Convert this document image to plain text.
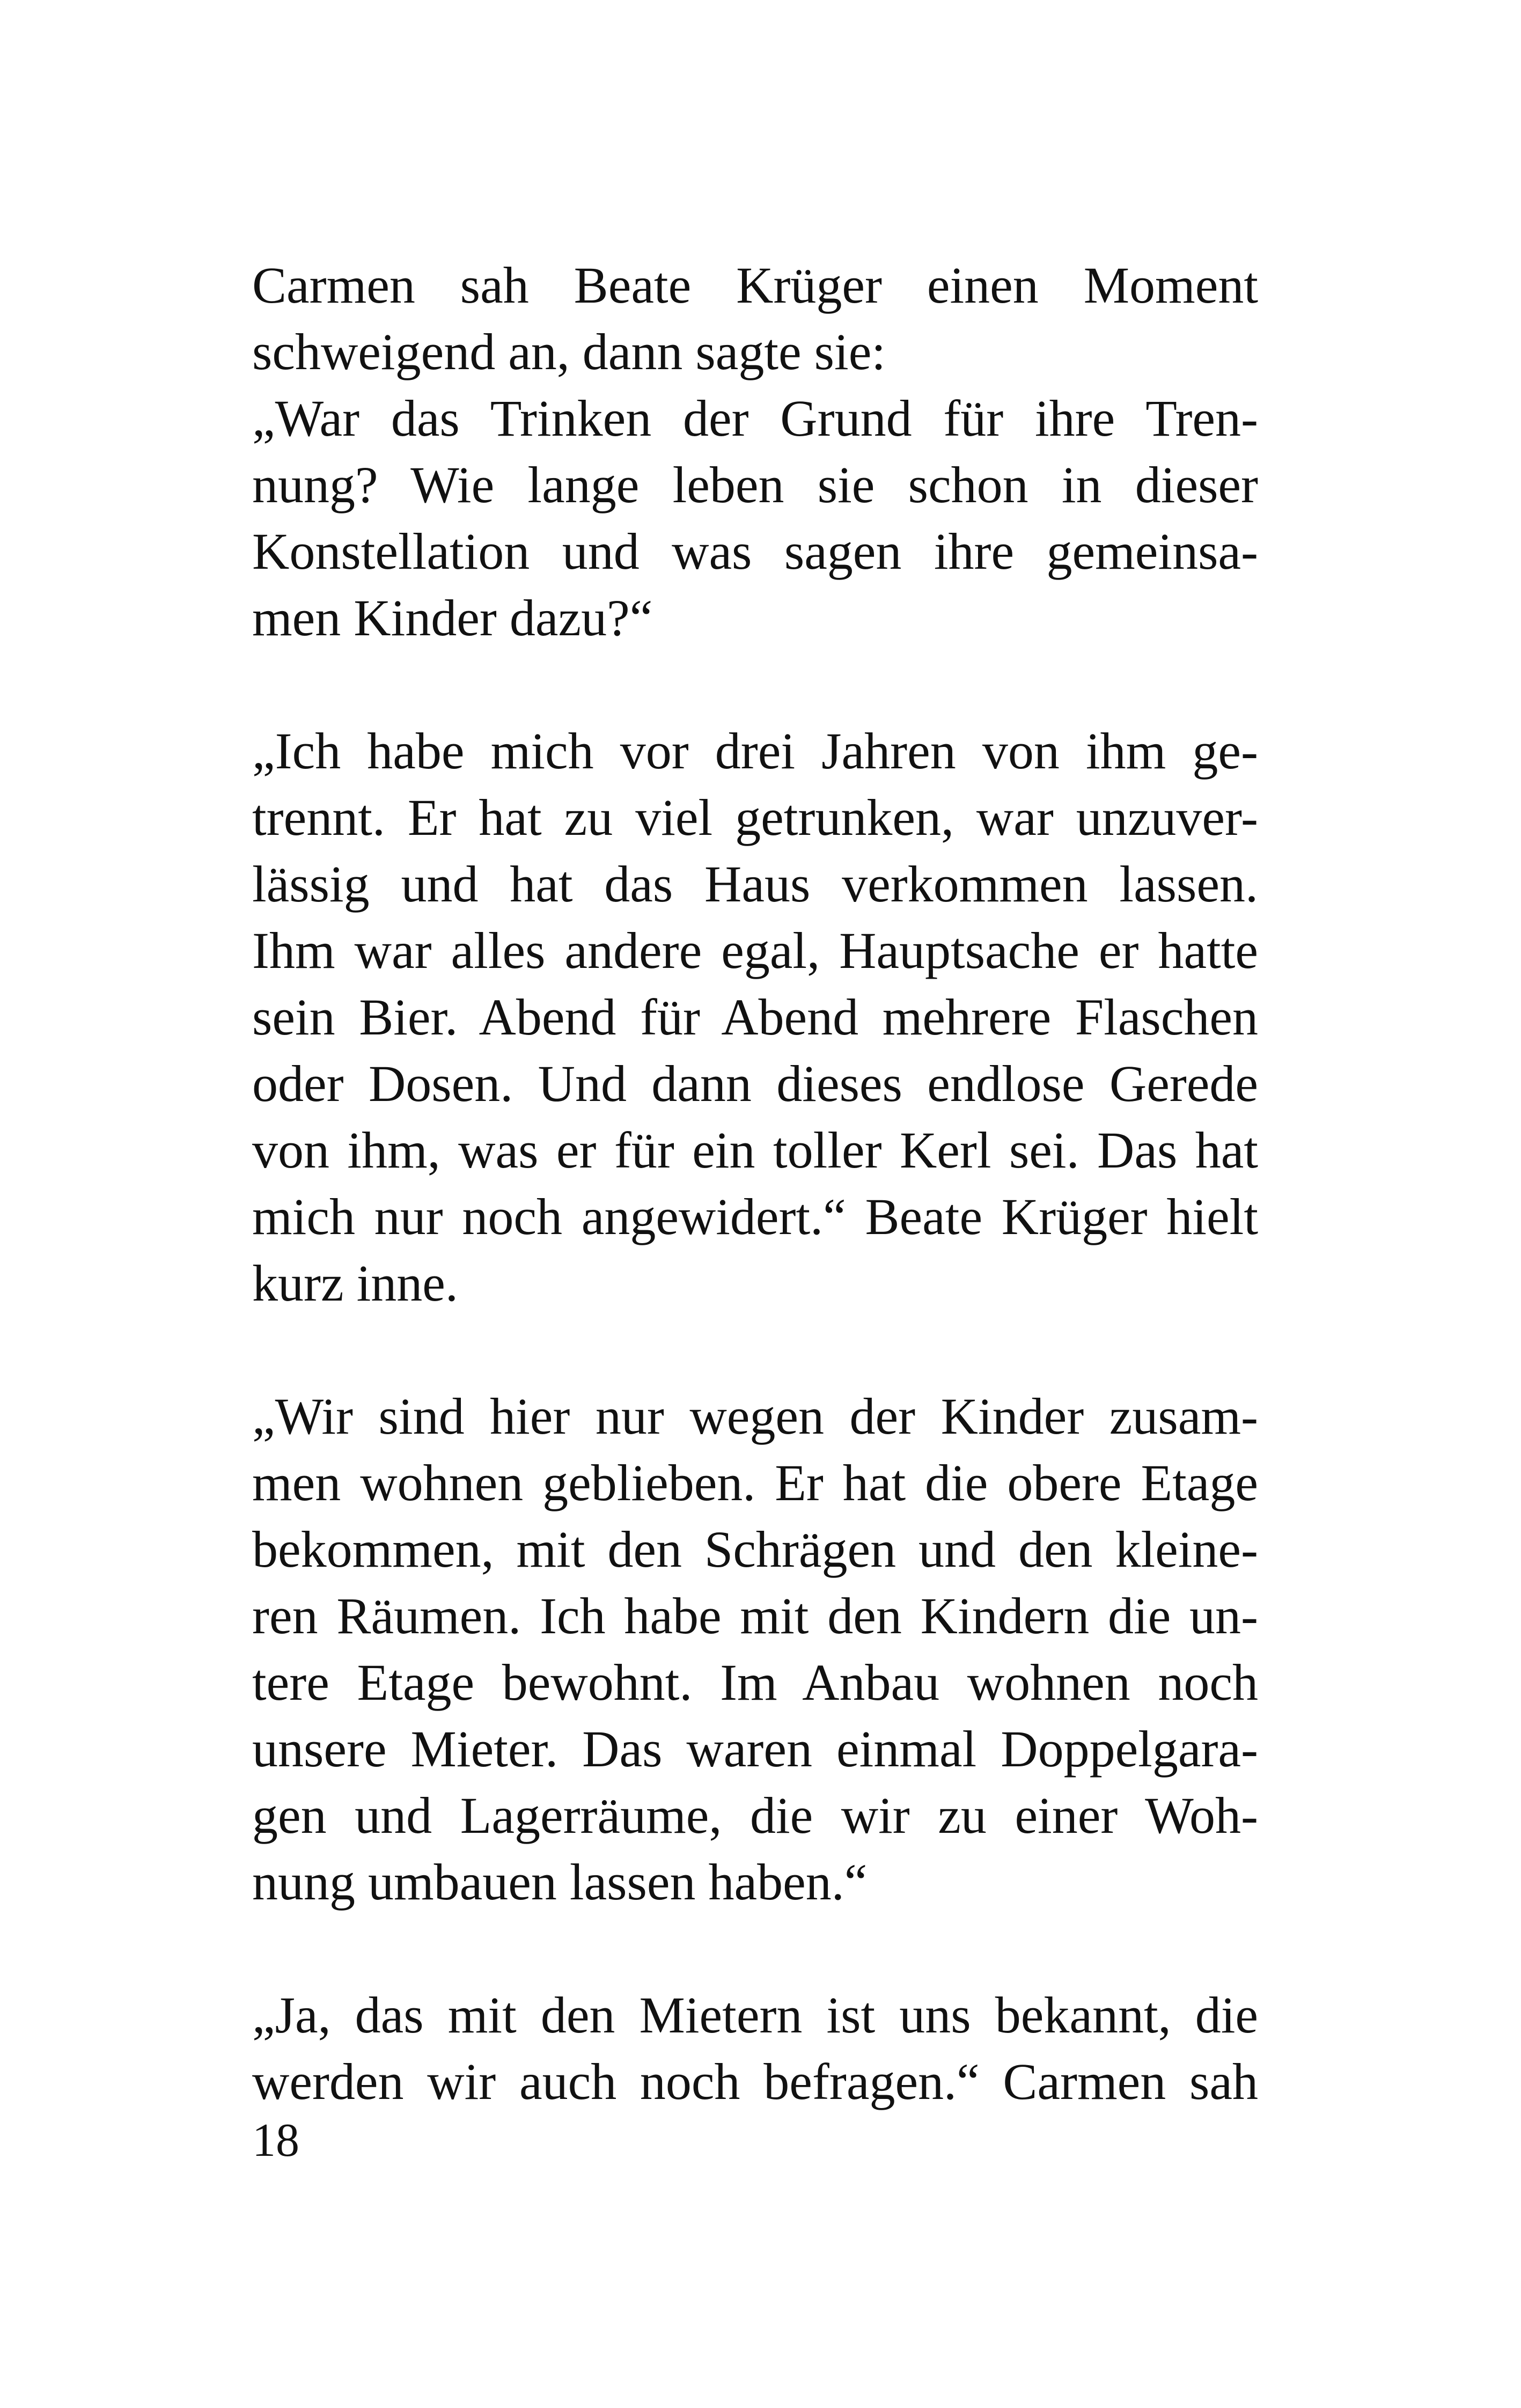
Carmen sah Beate Krüger einen Moment
schweigend an, dann sagte sie:
„War das Trinken der Grund für ihre Tren-
nung? Wie lange leben sie schon in dieser
Konstellation und was sagen ihre gemeinsa-
men Kinder dazu?“
„Ich habe mich vor drei Jahren von ihm ge-
trennt. Er hat zu viel getrunken, war unzuver-
lässig und hat das Haus verkommen lassen.
Ihm war alles andere egal, Hauptsache er hatte
sein Bier. Abend für Abend mehrere Flaschen
oder Dosen. Und dann dieses endlose Gerede
von ihm, was er für ein toller Kerl sei. Das hat
mich nur noch angewidert.“ Beate Krüger hielt
kurz inne.
„Wir sind hier nur wegen der Kinder zusam-
men wohnen geblieben. Er hat die obere Etage
bekommen, mit den Schrägen und den kleine-
ren Räumen. Ich habe mit den Kindern die un-
tere Etage bewohnt. Im Anbau wohnen noch
unsere Mieter. Das waren einmal Doppelgara-
gen und Lagerräume, die wir zu einer Woh-
nung umbauen lassen haben.“
„Ja, das mit den Mietern ist uns bekannt, die
werden wir auch noch befragen.“ Carmen sah
18
